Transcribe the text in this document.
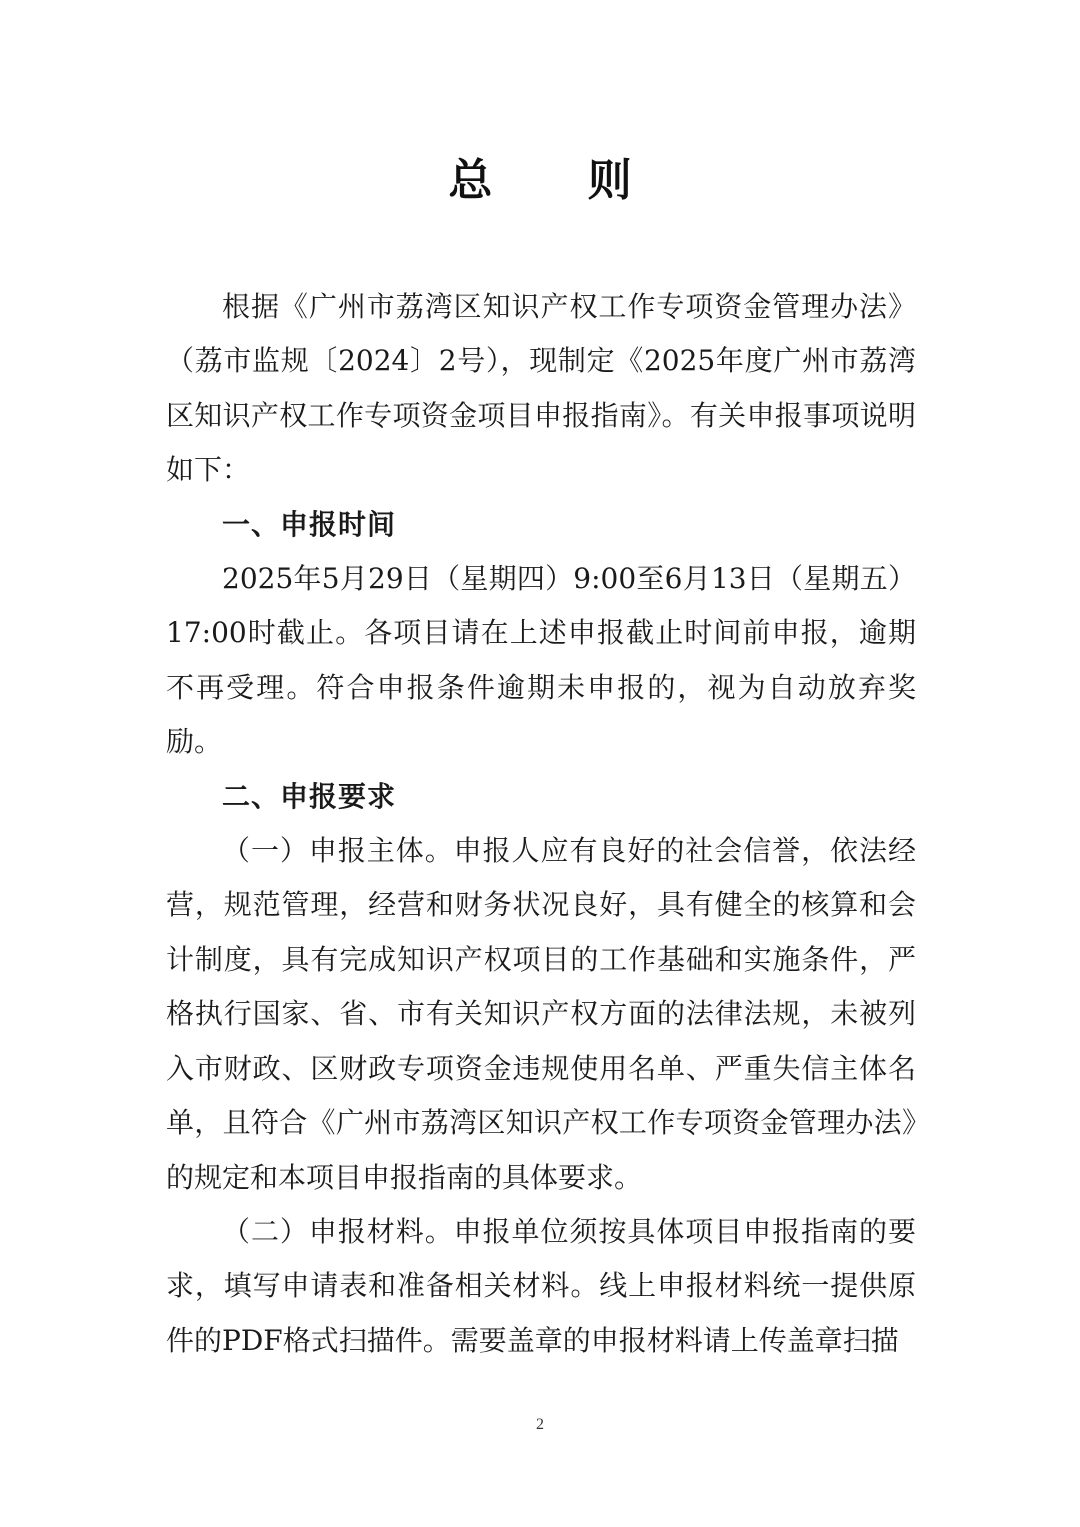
总 则

根据《广州市荔湾区知识产权工作专项资金管理办法》（荔市监规〔2024〕2号），现制定《2025年度广州市荔湾区知识产权工作专项资金项目申报指南》。有关申报事项说明如下：

一、申报时间

2025年5月29日（星期四）9:00至6月13日（星期五）17:00时截止。各项目请在上述申报截止时间前申报，逾期不再受理。符合申报条件逾期未申报的，视为自动放弃奖励。

二、申报要求

（一）申报主体。申报人应有良好的社会信誉，依法经营，规范管理，经营和财务状况良好，具有健全的核算和会计制度，具有完成知识产权项目的工作基础和实施条件，严格执行国家、省、市有关知识产权方面的法律法规，未被列入市财政、区财政专项资金违规使用名单、严重失信主体名单，且符合《广州市荔湾区知识产权工作专项资金管理办法》的规定和本项目申报指南的具体要求。

（二）申报材料。申报单位须按具体项目申报指南的要求，填写申请表和准备相关材料。线上申报材料统一提供原件的PDF格式扫描件。需要盖章的申报材料请上传盖章扫描

2
